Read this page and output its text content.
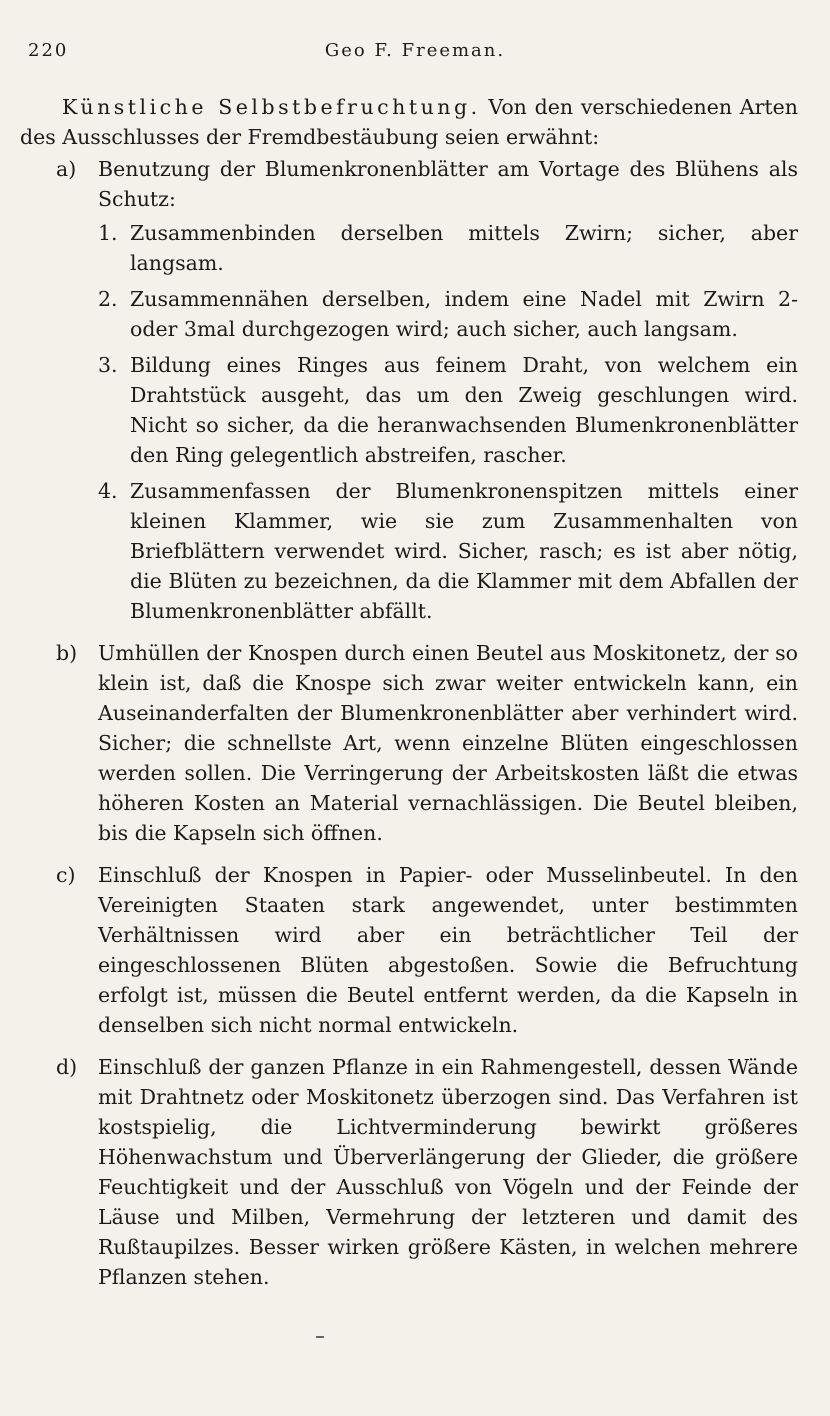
220	Geo F. Freeman.

Künstliche Selbstbefruchtung. Von den verschiedenen Arten des Ausschlusses der Fremdbestäubung seien erwähnt:

a) Benutzung der Blumenkronenblätter am Vortage des Blühens als Schutz:
1. Zusammenbinden derselben mittels Zwirn; sicher, aber langsam.
2. Zusammennähen derselben, indem eine Nadel mit Zwirn 2- oder 3mal durchgezogen wird; auch sicher, auch langsam.
3. Bildung eines Ringes aus feinem Draht, von welchem ein Drahtstück ausgeht, das um den Zweig geschlungen wird. Nicht so sicher, da die heranwachsenden Blumenkronenblätter den Ring gelegentlich abstreifen, rascher.
4. Zusammenfassen der Blumenkronenspitzen mittels einer kleinen Klammer, wie sie zum Zusammenhalten von Briefblättern verwendet wird. Sicher, rasch; es ist aber nötig, die Blüten zu bezeichnen, da die Klammer mit dem Abfallen der Blumenkronenblätter abfällt.
b) Umhüllen der Knospen durch einen Beutel aus Moskitonetz, der so klein ist, daß die Knospe sich zwar weiter entwickeln kann, ein Auseinanderfalten der Blumenkronenblätter aber verhindert wird. Sicher; die schnellste Art, wenn einzelne Blüten eingeschlossen werden sollen. Die Verringerung der Arbeitskosten läßt die etwas höheren Kosten an Material vernachlässigen. Die Beutel bleiben, bis die Kapseln sich öffnen.
c) Einschluß der Knospen in Papier- oder Musselinbeutel. In den Vereinigten Staaten stark angewendet, unter bestimmten Verhältnissen wird aber ein beträchtlicher Teil der eingeschlossenen Blüten abgestoßen. Sowie die Befruchtung erfolgt ist, müssen die Beutel entfernt werden, da die Kapseln in denselben sich nicht normal entwickeln.
d) Einschluß der ganzen Pflanze in ein Rahmengestell, dessen Wände mit Drahtnetz oder Moskitonetz überzogen sind. Das Verfahren ist kostspielig, die Lichtverminderung bewirkt größeres Höhenwachstum und Überverlängerung der Glieder, die größere Feuchtigkeit und der Ausschluß von Vögeln und der Feinde der Läuse und Milben, Vermehrung der letzteren und damit des Rußtaupilzes. Besser wirken größere Kästen, in welchen mehrere Pflanzen stehen.
